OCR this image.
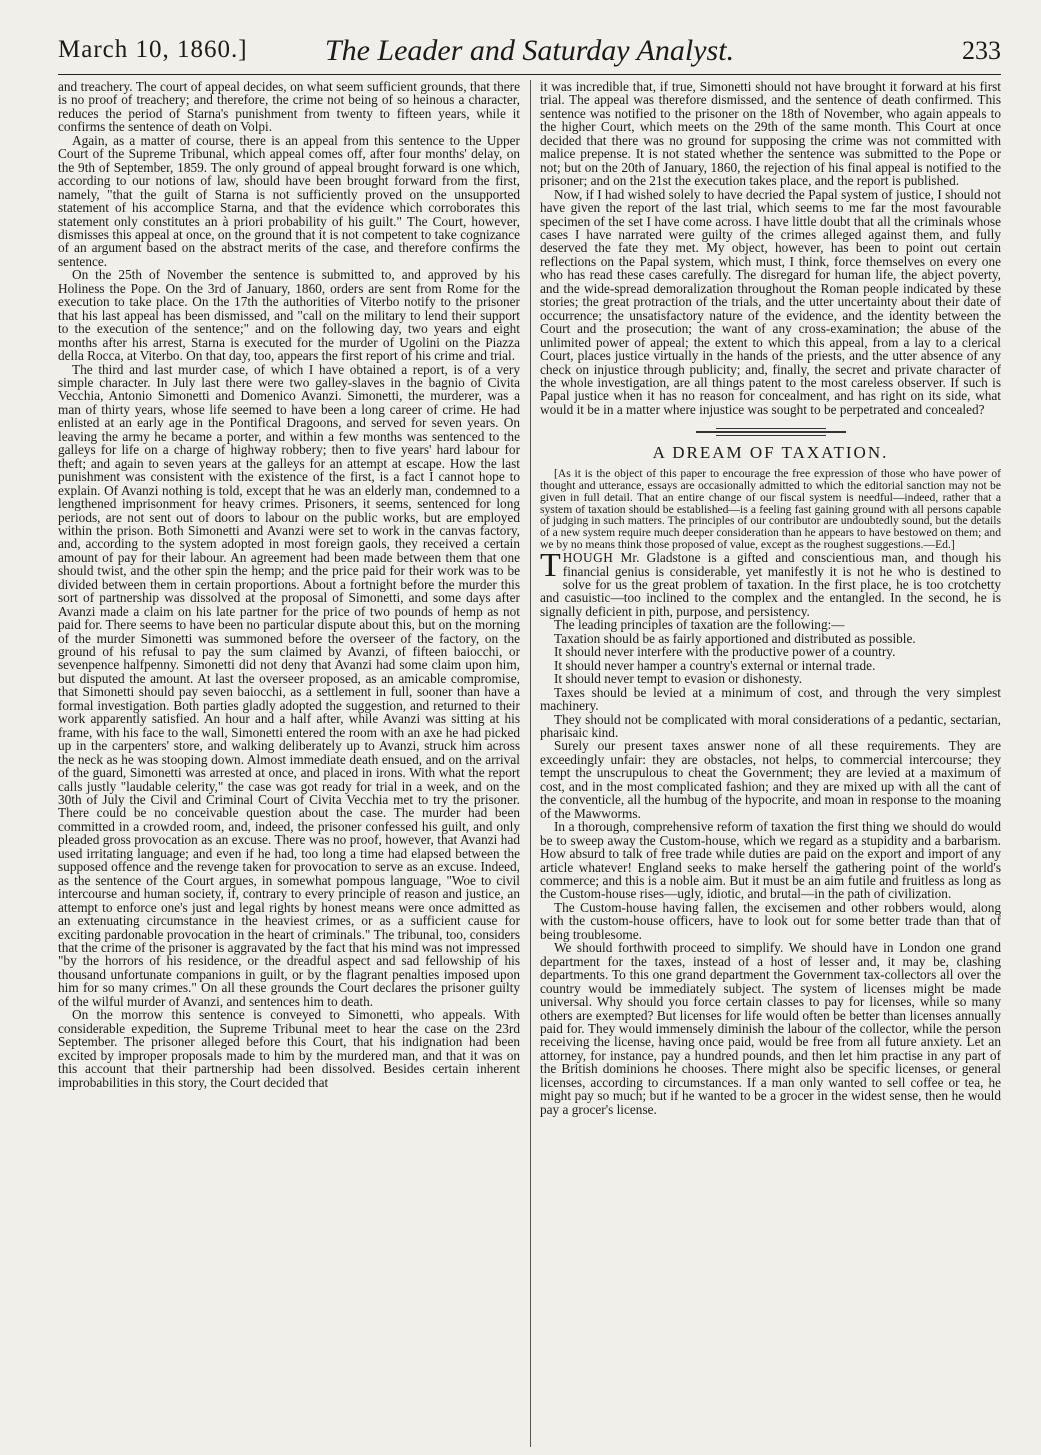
March 10, 1860.]	The Leader and Saturday Analyst.	233

and treachery. The court of appeal decides, on what seem sufficient grounds, that there is no proof of treachery; and therefore, the crime not being of so heinous a character, reduces the period of Starna's punishment from twenty to fifteen years, while it confirms the sentence of death on Volpi.

Again, as a matter of course, there is an appeal from this sentence to the Upper Court of the Supreme Tribunal, which appeal comes off, after four months' delay, on the 9th of September, 1859. The only ground of appeal brought forward is one which, according to our notions of law, should have been brought forward from the first, namely, "that the guilt of Starna is not sufficiently proved on the unsupported statement of his accomplice Starna, and that the evidence which corroborates this statement only constitutes an à priori probability of his guilt." The Court, however, dismisses this appeal at once, on the ground that it is not competent to take cognizance of an argument based on the abstract merits of the case, and therefore confirms the sentence.

On the 25th of November the sentence is submitted to, and approved by his Holiness the Pope. On the 3rd of January, 1860, orders are sent from Rome for the execution to take place. On the 17th the authorities of Viterbo notify to the prisoner that his last appeal has been dismissed, and "call on the military to lend their support to the execution of the sentence;" and on the following day, two years and eight months after his arrest, Starna is executed for the murder of Ugolini on the Piazza della Rocca, at Viterbo. On that day, too, appears the first report of his crime and trial.

The third and last murder case, of which I have obtained a report, is of a very simple character. In July last there were two galley-slaves in the bagnio of Civita Vecchia, Antonio Simonetti and Domenico Avanzi. Simonetti, the murderer, was a man of thirty years, whose life seemed to have been a long career of crime. He had enlisted at an early age in the Pontifical Dragoons, and served for seven years. On leaving the army he became a porter, and within a few months was sentenced to the galleys for life on a charge of highway robbery; then to five years' hard labour for theft; and again to seven years at the galleys for an attempt at escape. How the last punishment was consistent with the existence of the first, is a fact I cannot hope to explain. Of Avanzi nothing is told, except that he was an elderly man, condemned to a lengthened imprisonment for heavy crimes. Prisoners, it seems, sentenced for long periods, are not sent out of doors to labour on the public works, but are employed within the prison. Both Simonetti and Avanzi were set to work in the canvas factory, and, according to the system adopted in most foreign gaols, they received a certain amount of pay for their labour. An agreement had been made between them that one should twist, and the other spin the hemp; and the price paid for their work was to be divided between them in certain proportions. About a fortnight before the murder this sort of partnership was dissolved at the proposal of Simonetti, and some days after Avanzi made a claim on his late partner for the price of two pounds of hemp as not paid for. There seems to have been no particular dispute about this, but on the morning of the murder Simonetti was summoned before the overseer of the factory, on the ground of his refusal to pay the sum claimed by Avanzi, of fifteen baiocchi, or sevenpence halfpenny. Simonetti did not deny that Avanzi had some claim upon him, but disputed the amount. At last the overseer proposed, as an amicable compromise, that Simonetti should pay seven baiocchi, as a settlement in full, sooner than have a formal investigation. Both parties gladly adopted the suggestion, and returned to their work apparently satisfied. An hour and a half after, while Avanzi was sitting at his frame, with his face to the wall, Simonetti entered the room with an axe he had picked up in the carpenters' store, and walking deliberately up to Avanzi, struck him across the neck as he was stooping down. Almost immediate death ensued, and on the arrival of the guard, Simonetti was arrested at once, and placed in irons. With what the report calls justly "laudable celerity," the case was got ready for trial in a week, and on the 30th of July the Civil and Criminal Court of Civita Vecchia met to try the prisoner. There could be no conceivable question about the case. The murder had been committed in a crowded room, and, indeed, the prisoner confessed his guilt, and only pleaded gross provocation as an excuse. There was no proof, however, that Avanzi had used irritating language; and even if he had, too long a time had elapsed between the supposed offence and the revenge taken for provocation to serve as an excuse. Indeed, as the sentence of the Court argues, in somewhat pompous language, "Woe to civil intercourse and human society, if, contrary to every principle of reason and justice, an attempt to enforce one's just and legal rights by honest means were once admitted as an extenuating circumstance in the heaviest crimes, or as a sufficient cause for exciting pardonable provocation in the heart of criminals." The tribunal, too, considers that the crime of the prisoner is aggravated by the fact that his mind was not impressed "by the horrors of his residence, or the dreadful aspect and sad fellowship of his thousand unfortunate companions in guilt, or by the flagrant penalties imposed upon him for so many crimes." On all these grounds the Court declares the prisoner guilty of the wilful murder of Avanzi, and sentences him to death.

On the morrow this sentence is conveyed to Simonetti, who appeals. With considerable expedition, the Supreme Tribunal meet to hear the case on the 23rd September. The prisoner alleged before this Court, that his indignation had been excited by improper proposals made to him by the murdered man, and that it was on this account that their partnership had been dissolved. Besides certain inherent improbabilities in this story, the Court decided that

it was incredible that, if true, Simonetti should not have brought it forward at his first trial. The appeal was therefore dismissed, and the sentence of death confirmed. This sentence was notified to the prisoner on the 18th of November, who again appeals to the higher Court, which meets on the 29th of the same month. This Court at once decided that there was no ground for supposing the crime was not committed with malice prepense. It is not stated whether the sentence was submitted to the Pope or not; but on the 20th of January, 1860, the rejection of his final appeal is notified to the prisoner; and on the 21st the execution takes place, and the report is published.

Now, if I had wished solely to have decried the Papal system of justice, I should not have given the report of the last trial, which seems to me far the most favourable specimen of the set I have come across. I have little doubt that all the criminals whose cases I have narrated were guilty of the crimes alleged against them, and fully deserved the fate they met. My object, however, has been to point out certain reflections on the Papal system, which must, I think, force themselves on every one who has read these cases carefully. The disregard for human life, the abject poverty, and the wide-spread demoralization throughout the Roman people indicated by these stories; the great protraction of the trials, and the utter uncertainty about their date of occurrence; the unsatisfactory nature of the evidence, and the identity between the Court and the prosecution; the want of any cross-examination; the abuse of the unlimited power of appeal; the extent to which this appeal, from a lay to a clerical Court, places justice virtually in the hands of the priests, and the utter absence of any check on injustice through publicity; and, finally, the secret and private character of the whole investigation, are all things patent to the most careless observer. If such is Papal justice when it has no reason for concealment, and has right on its side, what would it be in a matter where injustice was sought to be perpetrated and concealed?

A DREAM OF TAXATION.

[As it is the object of this paper to encourage the free expression of those who have power of thought and utterance, essays are occasionally admitted to which the editorial sanction may not be given in full detail. That an entire change of our fiscal system is needful—indeed, rather that a system of taxation should be established—is a feeling fast gaining ground with all persons capable of judging in such matters. The principles of our contributor are undoubtedly sound, but the details of a new system require much deeper consideration than he appears to have bestowed on them; and we by no means think those proposed of value, except as the roughest suggestions.—Ed.]

THOUGH Mr. Gladstone is a gifted and conscientious man, and though his financial genius is considerable, yet manifestly it is not he who is destined to solve for us the great problem of taxation. In the first place, he is too crotchetty and casuistic—too inclined to the complex and the entangled. In the second, he is signally deficient in pith, purpose, and persistency.

The leading principles of taxation are the following:—

Taxation should be as fairly apportioned and distributed as possible.

It should never interfere with the productive power of a country.

It should never hamper a country's external or internal trade.

It should never tempt to evasion or dishonesty.

Taxes should be levied at a minimum of cost, and through the very simplest machinery.

They should not be complicated with moral considerations of a pedantic, sectarian, pharisaic kind.

Surely our present taxes answer none of all these requirements. They are exceedingly unfair: they are obstacles, not helps, to commercial intercourse; they tempt the unscrupulous to cheat the Government; they are levied at a maximum of cost, and in the most complicated fashion; and they are mixed up with all the cant of the conventicle, all the humbug of the hypocrite, and moan in response to the moaning of the Mawworms.

In a thorough, comprehensive reform of taxation the first thing we should do would be to sweep away the Custom-house, which we regard as a stupidity and a barbarism. How absurd to talk of free trade while duties are paid on the export and import of any article whatever! England seeks to make herself the gathering point of the world's commerce; and this is a noble aim. But it must be an aim futile and fruitless as long as the Custom-house rises—ugly, idiotic, and brutal—in the path of civilization.

The Custom-house having fallen, the excisemen and other robbers would, along with the custom-house officers, have to look out for some better trade than that of being troublesome.

We should forthwith proceed to simplify. We should have in London one grand department for the taxes, instead of a host of lesser and, it may be, clashing departments. To this one grand department the Government tax-collectors all over the country would be immediately subject. The system of licenses might be made universal. Why should you force certain classes to pay for licenses, while so many others are exempted? But licenses for life would often be better than licenses annually paid for. They would immensely diminish the labour of the collector, while the person receiving the license, having once paid, would be free from all future anxiety. Let an attorney, for instance, pay a hundred pounds, and then let him practise in any part of the British dominions he chooses. There might also be specific licenses, or general licenses, according to circumstances. If a man only wanted to sell coffee or tea, he might pay so much; but if he wanted to be a grocer in the widest sense, then he would pay a grocer's license.
